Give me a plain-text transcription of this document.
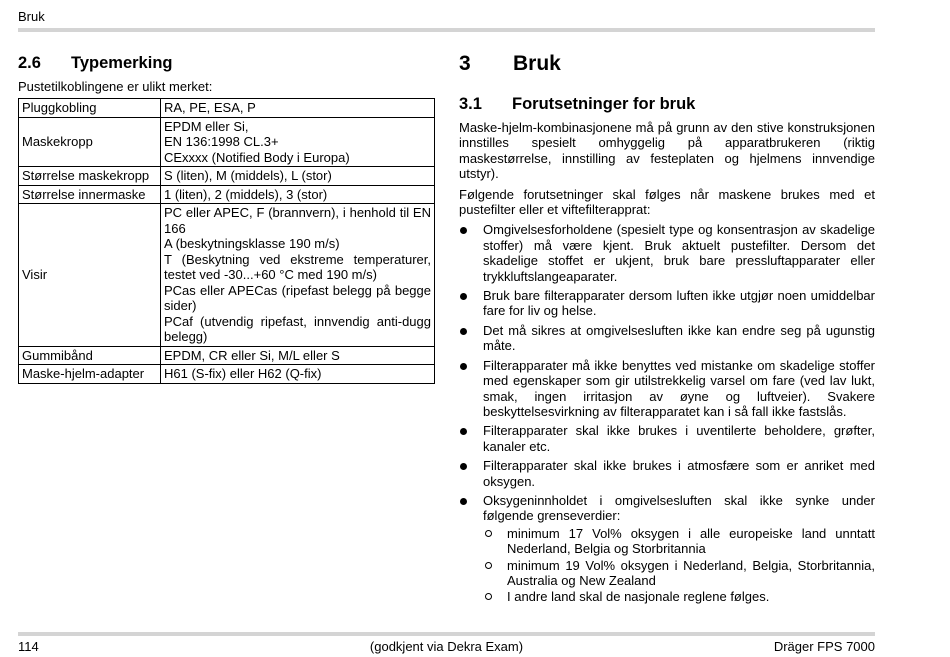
Bruk
2.6 Typemerking
Pustetilkoblingene er ulikt merket:
Pluggkobling	RA, PE, ESA, P

Maskekropp	EPDM eller Si,
EN 136:1998 CL.3+
CExxxx (Notified Body i Europa)

Størrelse maskekropp	S (liten), M (middels), L (stor)

Størrelse innermaske	1 (liten), 2 (middels), 3 (stor)

Visir	PC eller APEC, F (brannvern), i henhold til EN 166
A (beskytningsklasse 190 m/s)
T (Beskytning ved ekstreme temperaturer, testet ved -30...+60 °C med 190 m/s)
PCas eller APECas (ripefast belegg på begge sider)
PCaf (utvendig ripefast, innvendig anti-dugg belegg)

Gummibånd	EPDM, CR eller Si, M/L eller S

Maske-hjelm-adapter	H61 (S-fix) eller H62 (Q-fix)
3 Bruk
3.1 Forutsetninger for bruk

Maske-hjelm-kombinasjonene må på grunn av den stive konstruksjonen innstilles spesielt omhyggelig på apparatbrukeren (riktig maskestørrelse, innstilling av festeplaten og hjelmens innvendige utstyr).

Følgende forutsetninger skal følges når maskene brukes med et pustefilter eller et viftefilterapprat:

Omgivelsesforholdene (spesielt type og konsentrasjon av skadelige stoffer) må være kjent. Bruk aktuelt pustefilter. Dersom det skadelige stoffet er ukjent, bruk bare pressluftapparater eller trykkluftslangeaparater.
Bruk bare filterapparater dersom luften ikke utgjør noen umiddelbar fare for liv og helse.
Det må sikres at omgivelsesluften ikke kan endre seg på ugunstig måte.
Filterapparater må ikke benyttes ved mistanke om skadelige stoffer med egenskaper som gir utilstrekkelig varsel om fare (ved lav lukt, smak, ingen irritasjon av øyne og luftveier). Svakere beskyttelsesvirkning av filterapparatet kan i så fall ikke fastslås.
Filterapparater skal ikke brukes i uventilerte beholdere, grøfter, kanaler etc.
Filterapparater skal ikke brukes i atmosfære som er anriket med oksygen.
Oksygeninnholdet i omgivelsesluften skal ikke synke under følgende grenseverdier:
minimum 17 Vol% oksygen i alle europeiske land unntatt Nederland, Belgia og Storbritannia
minimum 19 Vol% oksygen i Nederland, Belgia, Storbritannia, Australia og New Zealand
I andre land skal de nasjonale reglene følges.
114	(godkjent via Dekra Exam)	Dräger FPS 7000
